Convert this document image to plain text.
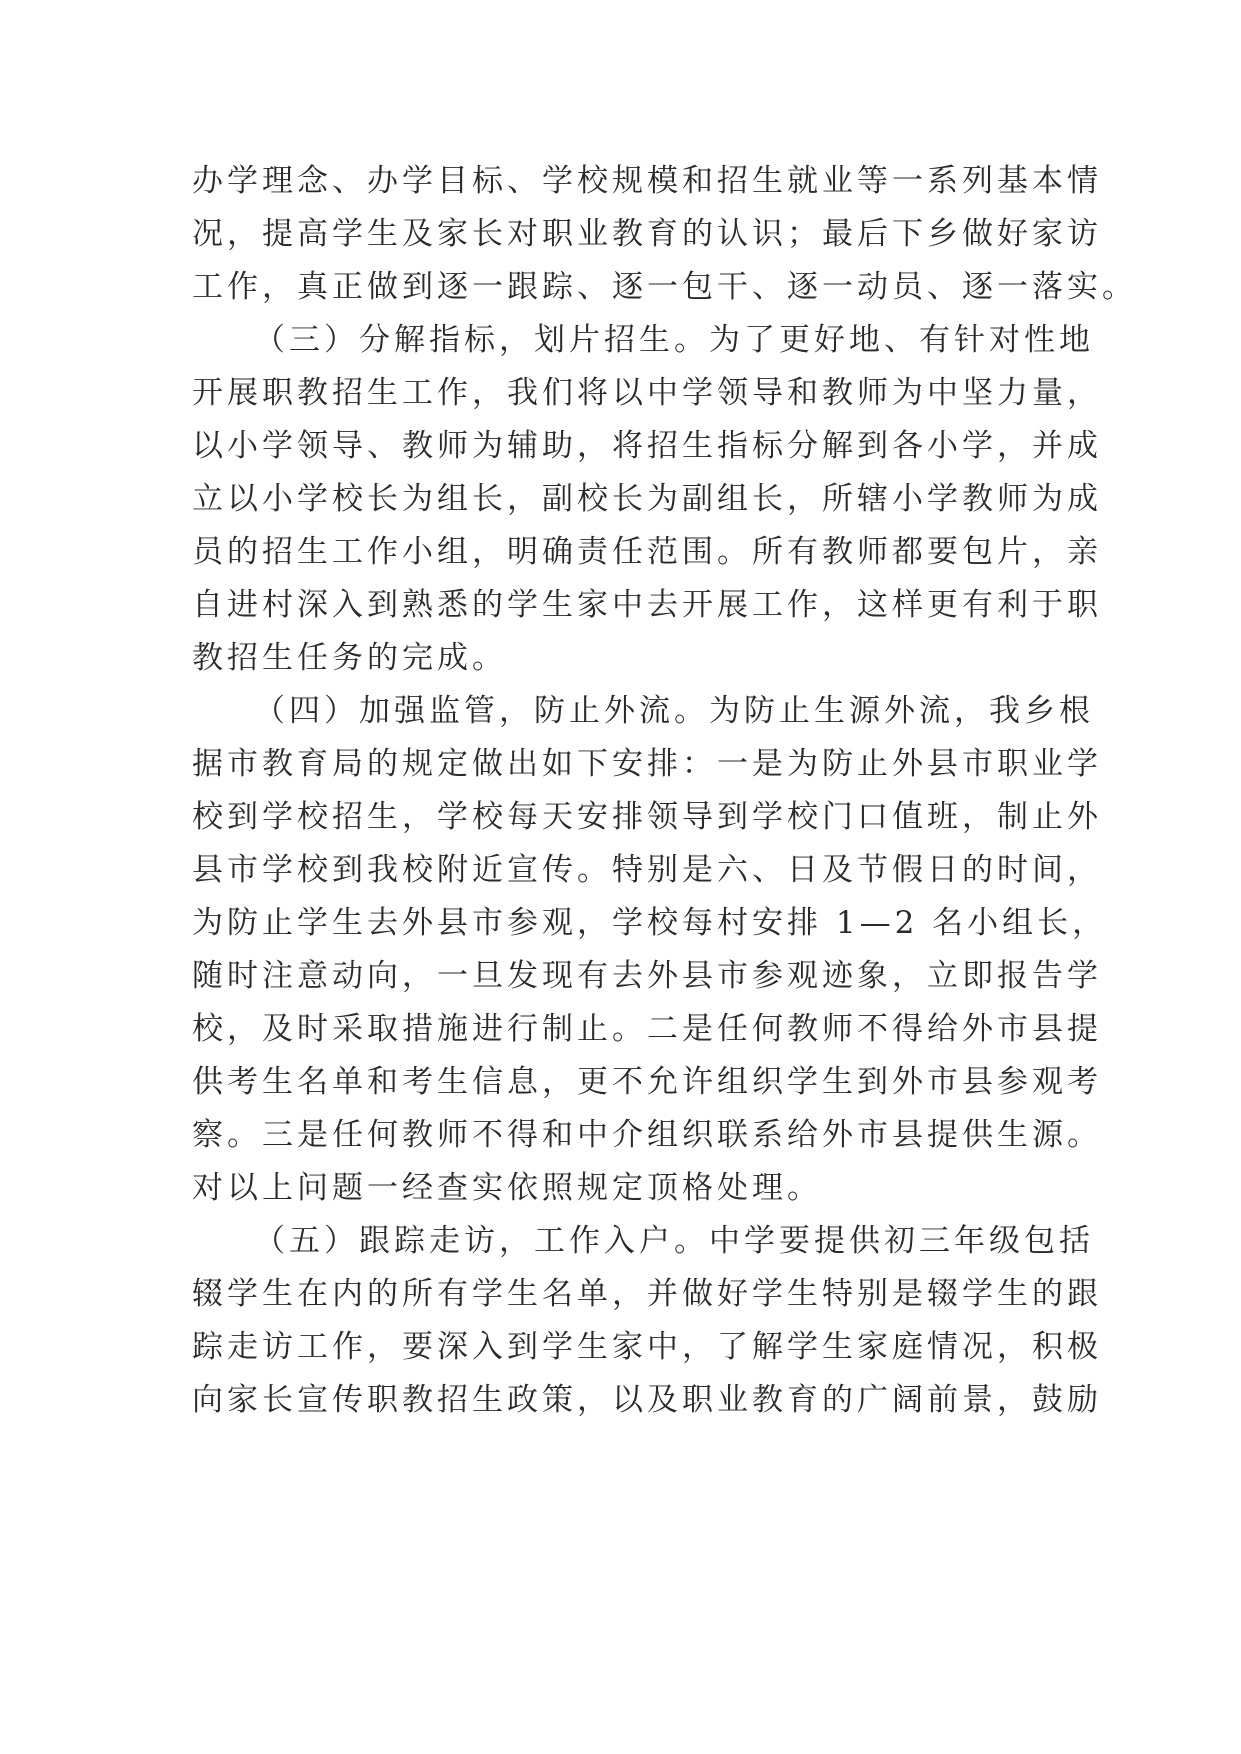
办学理念、办学目标、学校规模和招生就业等一系列基本情
况，提高学生及家长对职业教育的认识；最后下乡做好家访
工作，真正做到逐一跟踪、逐一包干、逐一动员、逐一落实。
（三）分解指标，划片招生。为了更好地、有针对性地
开展职教招生工作，我们将以中学领导和教师为中坚力量，
以小学领导、教师为辅助，将招生指标分解到各小学，并成
立以小学校长为组长，副校长为副组长，所辖小学教师为成
员的招生工作小组，明确责任范围。所有教师都要包片，亲
自进村深入到熟悉的学生家中去开展工作，这样更有利于职
教招生任务的完成。
（四）加强监管，防止外流。为防止生源外流，我乡根
据市教育局的规定做出如下安排：一是为防止外县市职业学
校到学校招生，学校每天安排领导到学校门口值班，制止外
县市学校到我校附近宣传。特别是六、日及节假日的时间，
为防止学生去外县市参观，学校每村安排 1—2 名小组长，
随时注意动向，一旦发现有去外县市参观迹象，立即报告学
校，及时采取措施进行制止。二是任何教师不得给外市县提
供考生名单和考生信息，更不允许组织学生到外市县参观考
察。三是任何教师不得和中介组织联系给外市县提供生源。
对以上问题一经查实依照规定顶格处理。
（五）跟踪走访，工作入户。中学要提供初三年级包括
辍学生在内的所有学生名单，并做好学生特别是辍学生的跟
踪走访工作，要深入到学生家中，了解学生家庭情况，积极
向家长宣传职教招生政策，以及职业教育的广阔前景，鼓励
